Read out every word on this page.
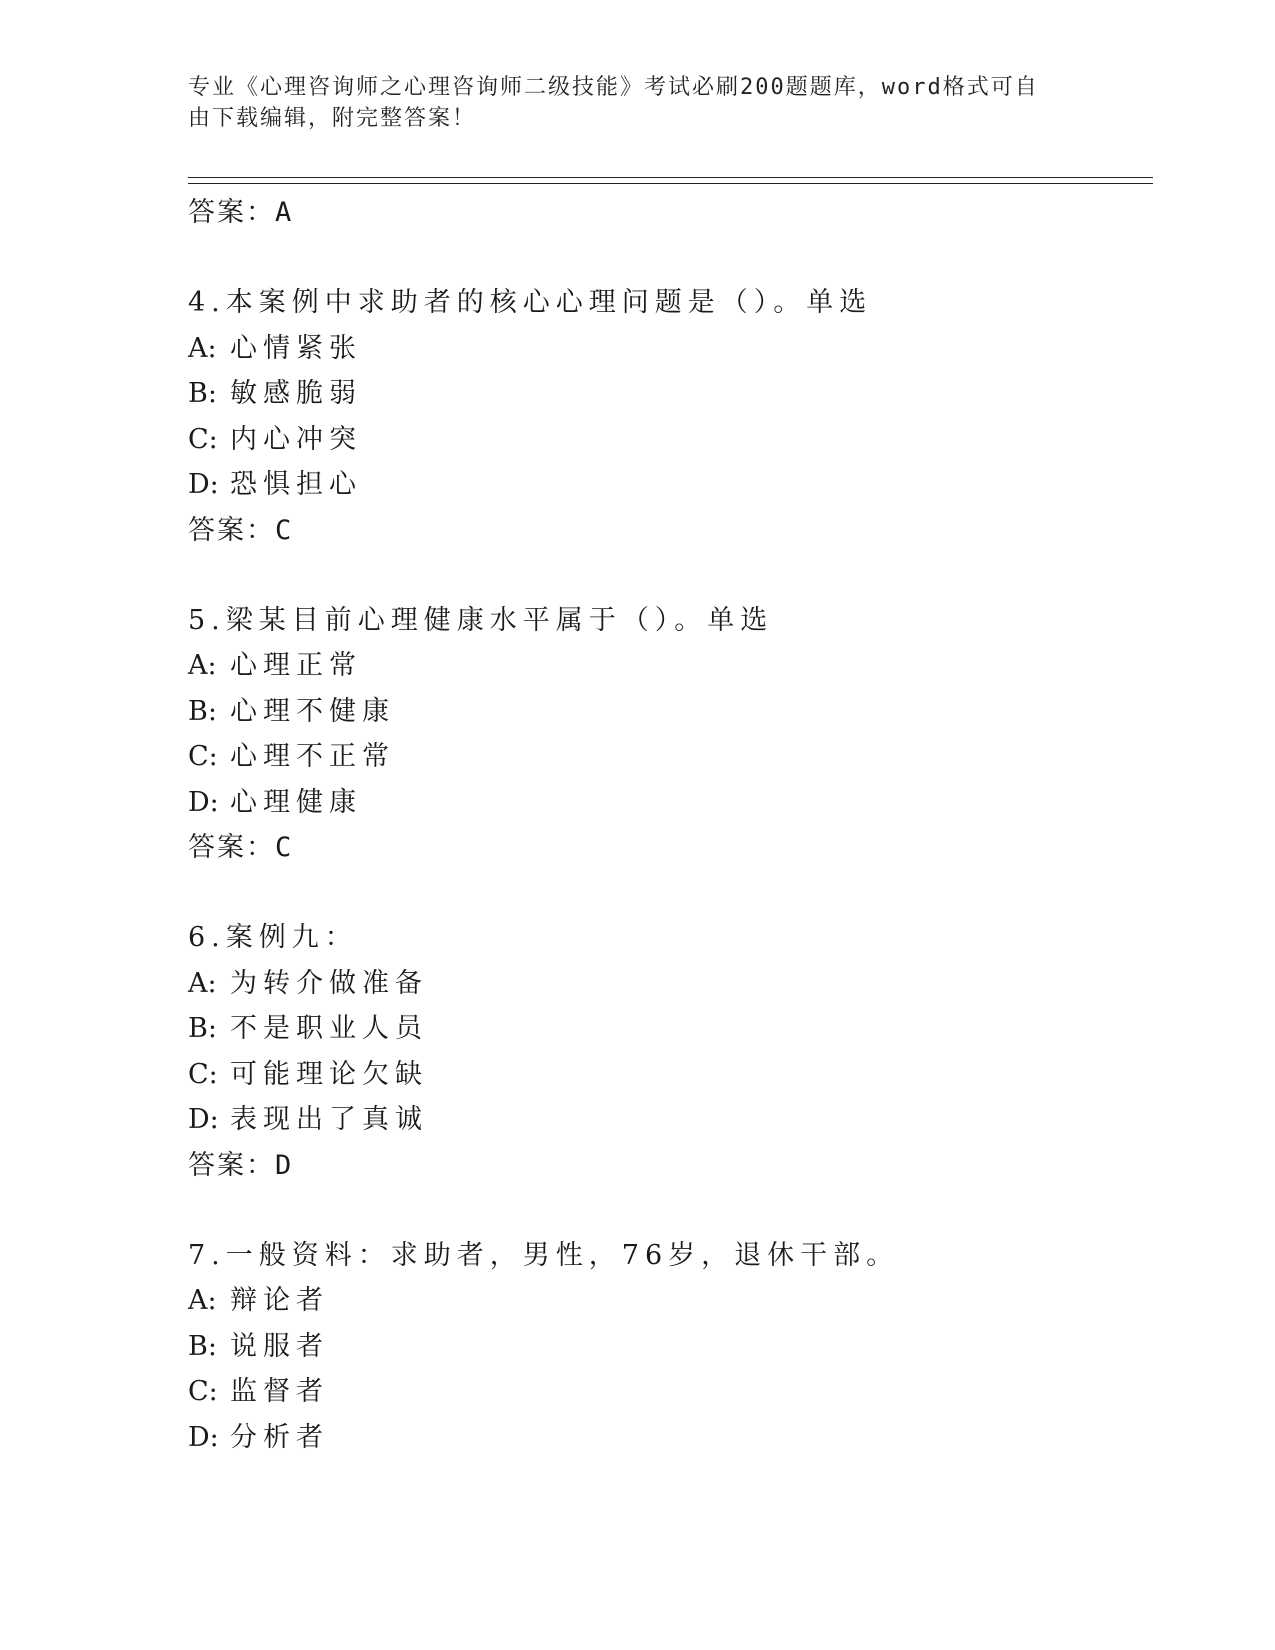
专业《心理咨询师之心理咨询师二级技能》考试必刷200题题库，word格式可自
由下载编辑，附完整答案！
答案：A
4.本案例中求助者的核心心理问题是（）。单选
A: 心情紧张
B: 敏感脆弱
C: 内心冲突
D: 恐惧担心
答案：C
5.梁某目前心理健康水平属于（）。单选
A: 心理正常
B: 心理不健康
C: 心理不正常
D: 心理健康
答案：C
6.案例九：
A: 为转介做准备
B: 不是职业人员
C: 可能理论欠缺
D: 表现出了真诚
答案：D
7.一般资料：求助者，男性，76岁，退休干部。
A: 辩论者
B: 说服者
C: 监督者
D: 分析者
